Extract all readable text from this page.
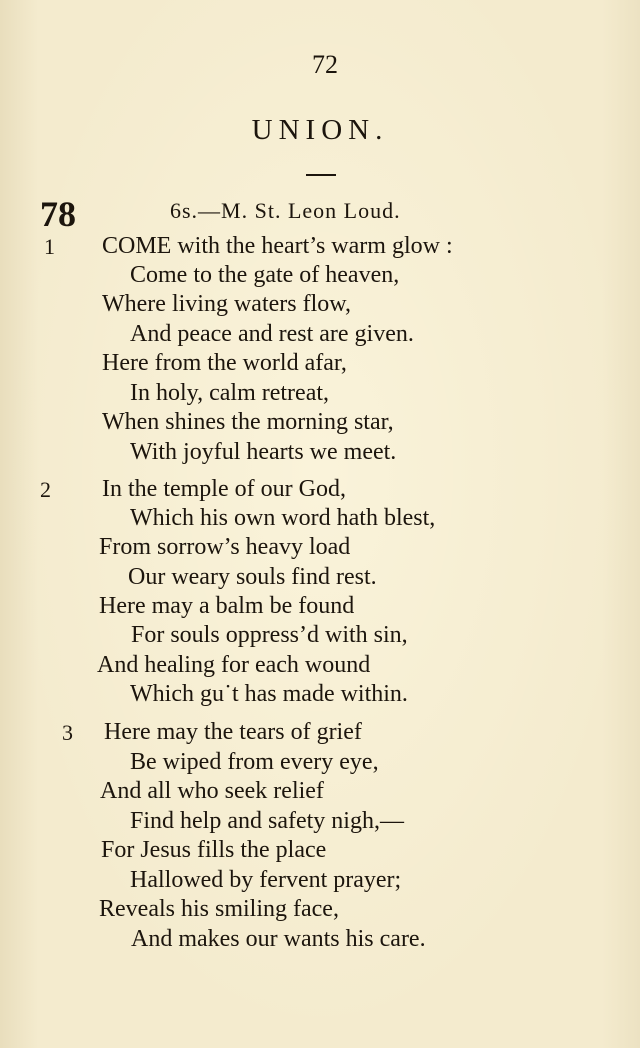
72
UNION.
78	6s.—M. St. Leon Loud.
1 COME with the heart’s warm glow :
Come to the gate of heaven,
Where living waters flow,
And peace and rest are given.
Here from the world afar,
In holy, calm retreat,
When shines the morning star,
With joyful hearts we meet.
2 In the temple of our God,
Which his own word hath blest,
From sorrow’s heavy load
Our weary souls find rest.
Here may a balm be found
For souls oppress’d with sin,
And healing for each wound
Which gu˙t has made within.
3 Here may the tears of grief
Be wiped from every eye,
And all who seek relief
Find help and safety nigh,—
For Jesus fills the place
Hallowed by fervent prayer;
Reveals his smiling face,
And makes our wants his care.
